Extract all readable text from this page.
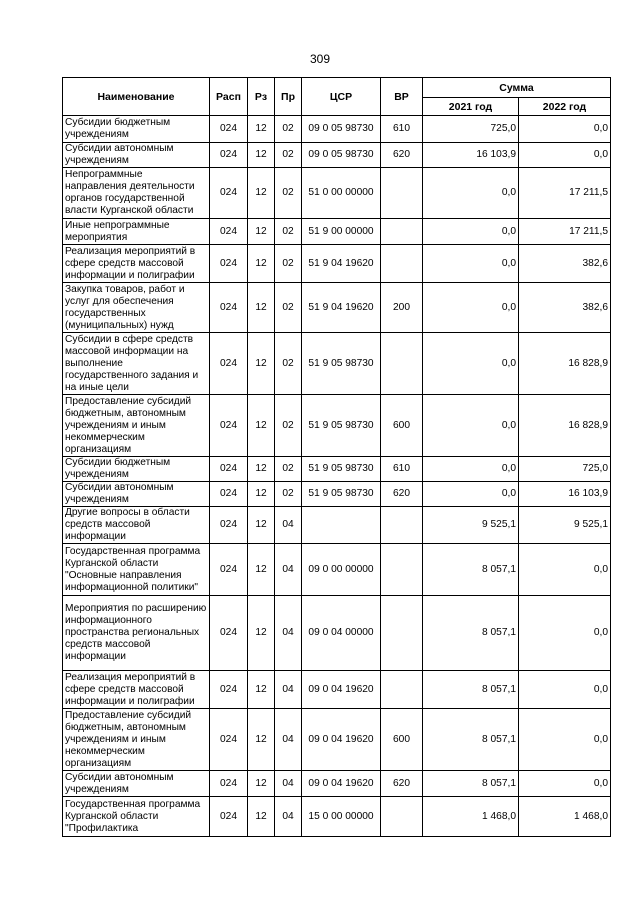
309
Наименование	Расп	Рз	Пр	ЦСР	ВР	Сумма	
						2021 год	2022 год
Субсидии бюджетным учреждениям	024	12	02	09 0 05 98730	610	725,0	0,0
Субсидии автономным учреждениям	024	12	02	09 0 05 98730	620	16 103,9	0,0
Непрограммные направления деятельности органов государственной власти Курганской области	024	12	02	51 0 00 00000		0,0	17 211,5
Иные непрограммные мероприятия	024	12	02	51 9 00 00000		0,0	17 211,5
Реализация мероприятий в сфере средств массовой информации и полиграфии	024	12	02	51 9 04 19620		0,0	382,6
Закупка товаров, работ и услуг для обеспечения государственных (муниципальных) нужд	024	12	02	51 9 04 19620	200	0,0	382,6
Субсидии в сфере средств массовой информации на выполнение государственного задания и на иные цели	024	12	02	51 9 05 98730		0,0	16 828,9
Предоставление субсидий бюджетным, автономным учреждениям и иным некоммерческим организациям	024	12	02	51 9 05 98730	600	0,0	16 828,9
Субсидии бюджетным учреждениям	024	12	02	51 9 05 98730	610	0,0	725,0
Субсидии автономным учреждениям	024	12	02	51 9 05 98730	620	0,0	16 103,9
Другие вопросы в области средств массовой информации	024	12	04			9 525,1	9 525,1
Государственная программа Курганской области "Основные направления информационной политики"	024	12	04	09 0 00 00000		8 057,1	0,0
Мероприятия по расширению информационного пространства региональных средств массовой информации	024	12	04	09 0 04 00000		8 057,1	0,0
Реализация мероприятий в сфере средств массовой информации и полиграфии	024	12	04	09 0 04 19620		8 057,1	0,0
Предоставление субсидий бюджетным, автономным учреждениям и иным некоммерческим организациям	024	12	04	09 0 04 19620	600	8 057,1	0,0
Субсидии автономным учреждениям	024	12	04	09 0 04 19620	620	8 057,1	0,0
Государственная программа Курганской области "Профилактика	024	12	04	15 0 00 00000		1 468,0	1 468,0
